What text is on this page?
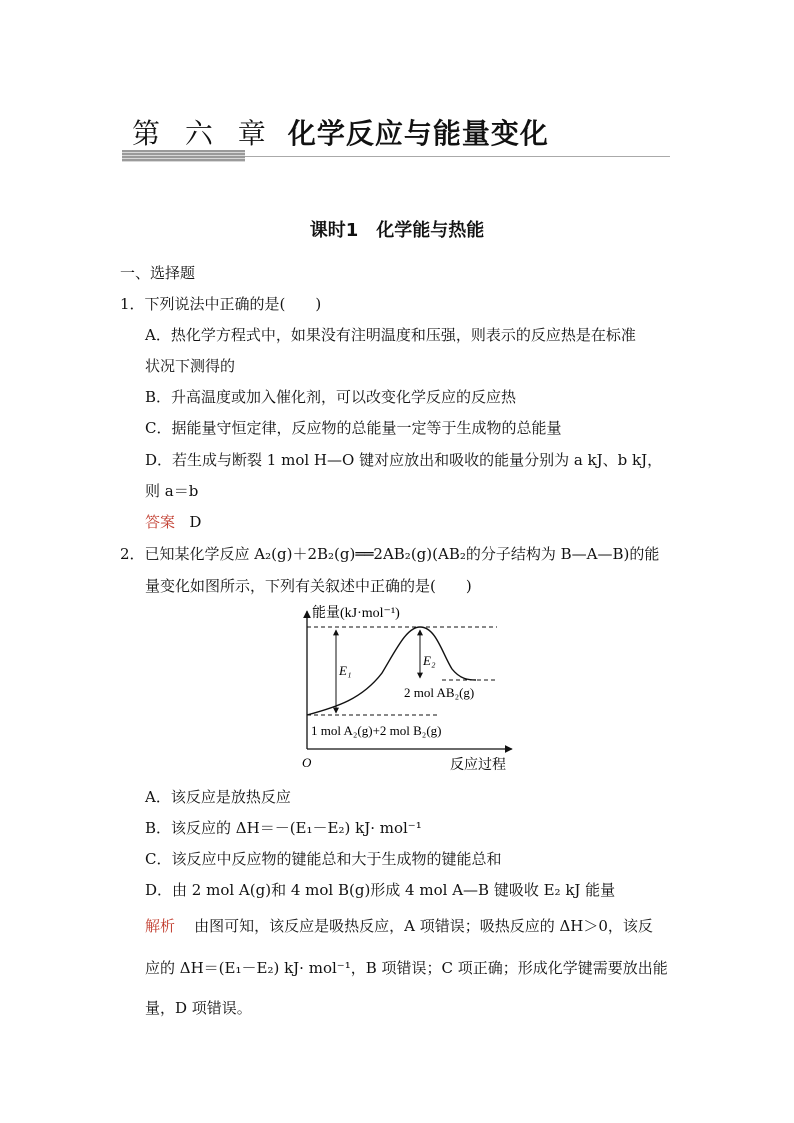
第 六 章 化学反应与能量变化
课时1　化学能与热能
一、选择题
1．下列说法中正确的是(　　)
A．热化学方程式中，如果没有注明温度和压强，则表示的反应热是在标准
状况下测得的
B．升高温度或加入催化剂，可以改变化学反应的反应热
C．据能量守恒定律，反应物的总能量一定等于生成物的总能量
D．若生成与断裂 1 mol H—O 键对应放出和吸收的能量分别为 a kJ、b kJ，
则 a＝b
答案 D
2．已知某化学反应 A₂(g)＋2B₂(g)══2AB₂(g)(AB₂的分子结构为 B—A—B)的能
量变化如图所示，下列有关叙述中正确的是(　　)
能量(kJ·mol⁻¹)
E₁
E₂
2 mol AB₂(g)
1 mol A₂(g)+2 mol B₂(g)
O	反应过程
A．该反应是放热反应
B．该反应的 ΔH＝－(E₁－E₂) kJ· mol⁻¹
C．该反应中反应物的键能总和大于生成物的键能总和
D．由 2 mol A(g)和 4 mol B(g)形成 4 mol A—B 键吸收 E₂ kJ 能量
解析 由图可知，该反应是吸热反应，A 项错误；吸热反应的 ΔH＞0，该反
应的 ΔH＝(E₁－E₂) kJ· mol⁻¹，B 项错误；C 项正确；形成化学键需要放出能
量，D 项错误。
